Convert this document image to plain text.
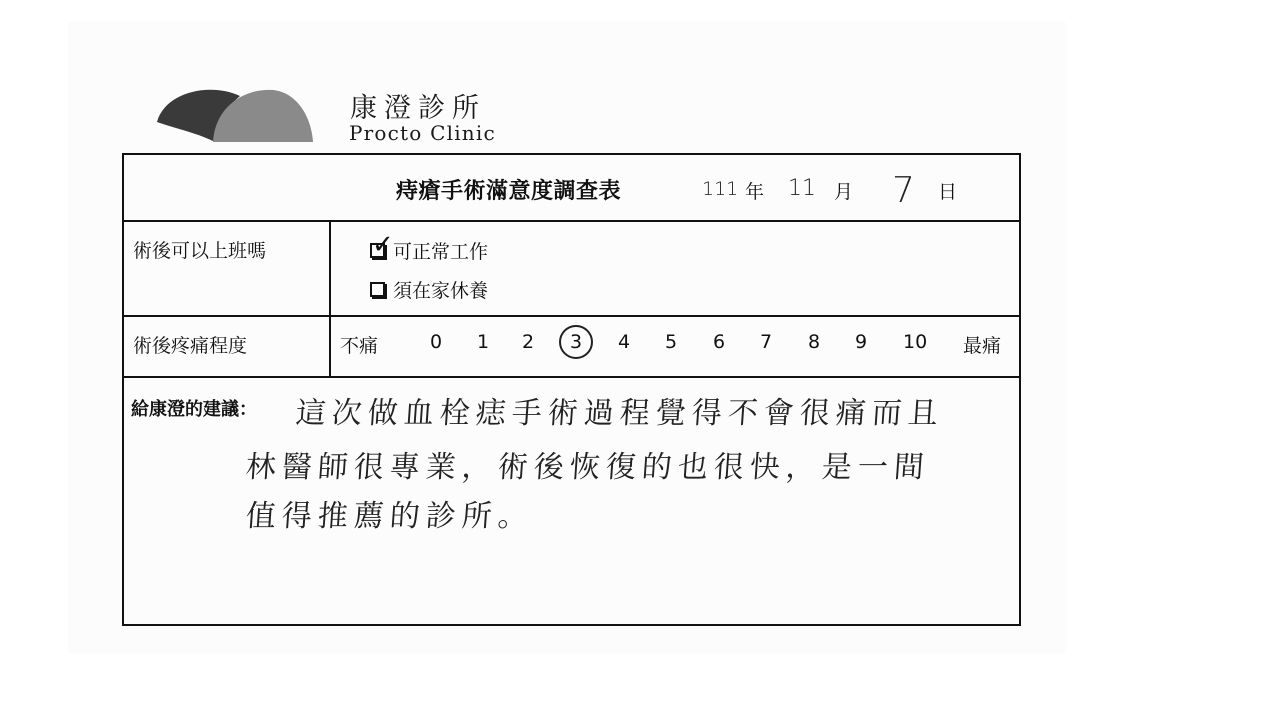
康澄診所
Procto Clinic
痔瘡手術滿意度調查表	111 年 11 月 7 日
術後可以上班嗎	可正常工作
✓
須在家休養
術後疼痛程度	不痛	0 1 2 3 4 5 6 7 8 9 10 最痛
給康澄的建議： 這次做血栓痣手術過程覺得不會很痛而且
林醫師很專業，術後恢復的也很快，是一間
值得推薦的診所。
